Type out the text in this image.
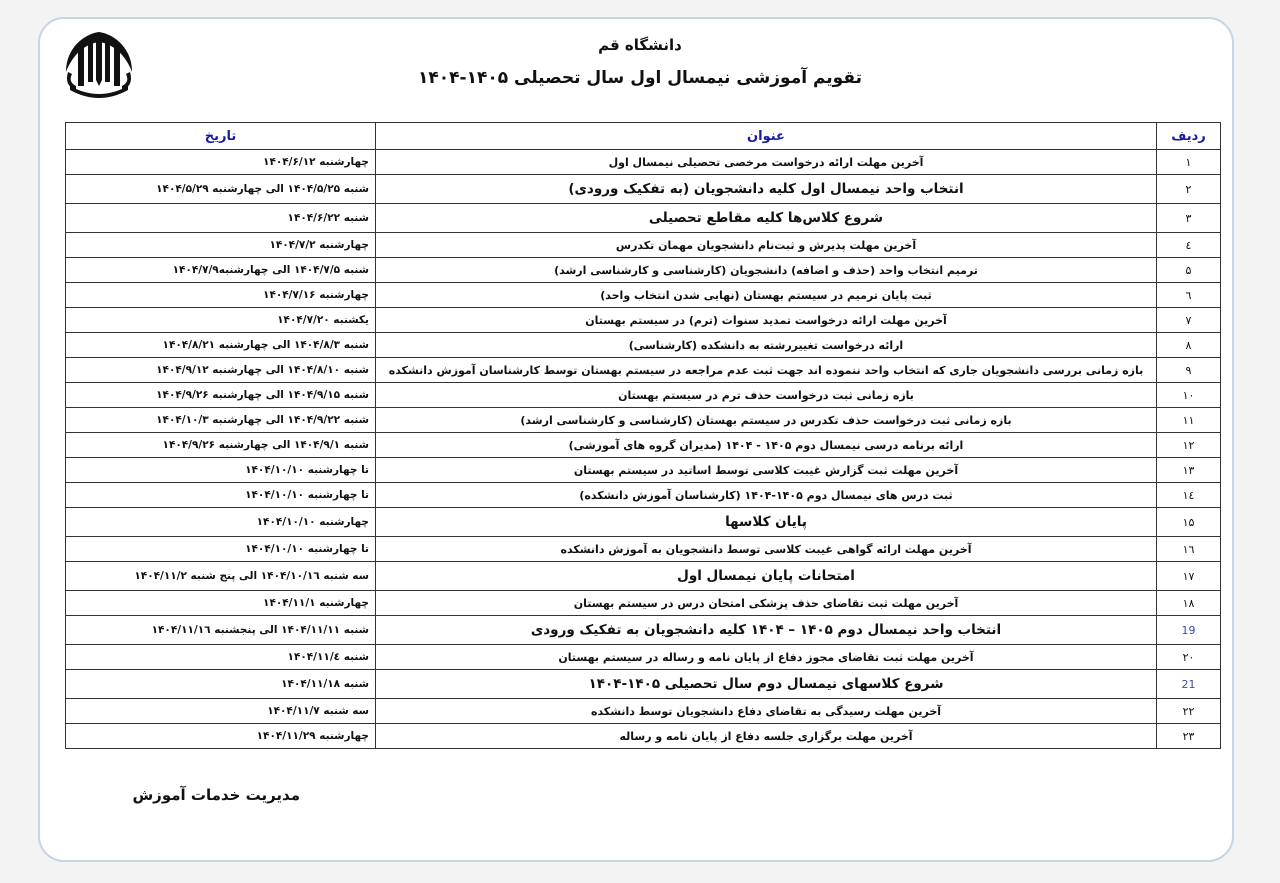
دانشگاه قم
تقویم آموزشی نیمسال اول سال تحصیلی ۱۴۰۵-۱۴۰۴
ردیف	عنوان	تاریخ
۱	آخرین مهلت ارائه درخواست مرخصی تحصیلی نیمسال اول	چهارشنبه ۱۴۰۴/۶/۱۲
۲	انتخاب واحد نیمسال اول کلیه دانشجویان (به تفکیک ورودی)	شنبه ۱۴۰۴/۵/۲۵ الی چهارشنبه ۱۴۰۴/۵/۲۹
۳	شروع کلاس‌ها کلیه مقاطع تحصیلی	شنبه ۱۴۰۴/۶/۲۲
٤	آخرین مهلت پذیرش و ثبت‌نام دانشجویان مهمان تکدرس	چهارشنبه ۱۴۰۴/۷/۲
۵	ترمیم انتخاب واحد (حذف و اضافه) دانشجویان (کارشناسی و کارشناسی ارشد)	شنبه ۱۴۰۴/۷/۵ الی چهارشنبه۱۴۰۴/۷/۹
٦	ثبت پایان ترمیم در سیستم بهستان (نهایی شدن انتخاب واحد)	چهارشنبه ۱۴۰۴/۷/۱۶
۷	آخرین مهلت ارائه درخواست تمدید سنوات (ترم) در سیستم بهستان	یکشنبه ۱۴۰۴/۷/۲۰
۸	ارائه درخواست تغییررشته به دانشکده (کارشناسی)	شنبه ۱۴۰۴/۸/۳ الی چهارشنبه ۱۴۰۴/۸/۲۱
۹	بازه زمانی بررسی دانشجویان جاری که انتخاب واحد ننموده اند جهت ثبت عدم مراجعه در سیستم بهستان توسط کارشناسان آموزش دانشکده	شنبه ۱۴۰۴/۸/۱۰ الی چهارشنبه ۱۴۰۴/۹/۱۲
۱۰	بازه زمانی ثبت درخواست حذف ترم در سیستم بهستان	شنبه ۱۴۰۴/۹/۱۵ الی چهارشنبه ۱۴۰۴/۹/۲۶
۱۱	بازه زمانی ثبت درخواست حذف تکدرس در سیستم بهستان (کارشناسی و کارشناسی ارشد)	شنبه ۱۴۰۴/۹/۲۲ الی چهارشنبه ۱۴۰۴/۱۰/۳
۱۲	ارائه برنامه درسی نیمسال دوم ۱۴۰۵ - ۱۴۰۴ (مدیران گروه های آموزشی)	شنبه ۱۴۰۴/۹/۱ الی چهارشنبه ۱۴۰۴/۹/۲۶
۱۳	آخرین مهلت ثبت گزارش غیبت کلاسی توسط اساتید در سیستم بهستان	تا چهارشنبه ۱۴۰۴/۱۰/۱۰
۱٤	ثبت درس های نیمسال دوم ۱۴۰۵-۱۴۰۴ (کارشناسان آموزش دانشکده)	تا چهارشنبه ۱۴۰۴/۱۰/۱۰
۱۵	پایان کلاسها	چهارشنبه ۱۴۰۴/۱۰/۱۰
۱٦	آخرین مهلت ارائه گواهی غیبت کلاسی توسط دانشجویان به آموزش دانشکده	تا چهارشنبه ۱۴۰۴/۱۰/۱۰
۱۷	امتحانات پایان نیمسال اول	سه شنبه ۱۴۰۴/۱۰/۱٦ الی پنج شنبه ۱۴۰۴/۱۱/۲
۱۸	آخرین مهلت ثبت تقاضای حذف پزشکی امتحان درس در سیستم بهستان	چهارشنبه ۱۴۰۴/۱۱/۱
19	انتخاب واحد نیمسال دوم ۱۴۰۵ – ۱۴۰۴ کلیه دانشجویان به تفکیک ورودی	شنبه ۱۴۰۴/۱۱/۱۱ الی پنجشنبه ۱۴۰۴/۱۱/۱٦
۲۰	آخرین مهلت ثبت تقاضای مجوز دفاع از پایان نامه و رساله در سیستم بهستان	شنبه ۱۴۰۴/۱۱/٤
21	شروع کلاسهای نیمسال دوم سال تحصیلی ۱۴۰۵-۱۴۰۴	شنبه ۱۴۰۴/۱۱/۱۸
۲۲	آخرین مهلت رسیدگی به تقاضای دفاع دانشجویان توسط دانشکده	سه شنبه ۱۴۰۴/۱۱/۷
۲۳	آخرین مهلت برگزاری جلسه دفاع از پایان نامه و رساله	چهارشنبه ۱۴۰۴/۱۱/۲۹
مدیریت خدمات آموزش
